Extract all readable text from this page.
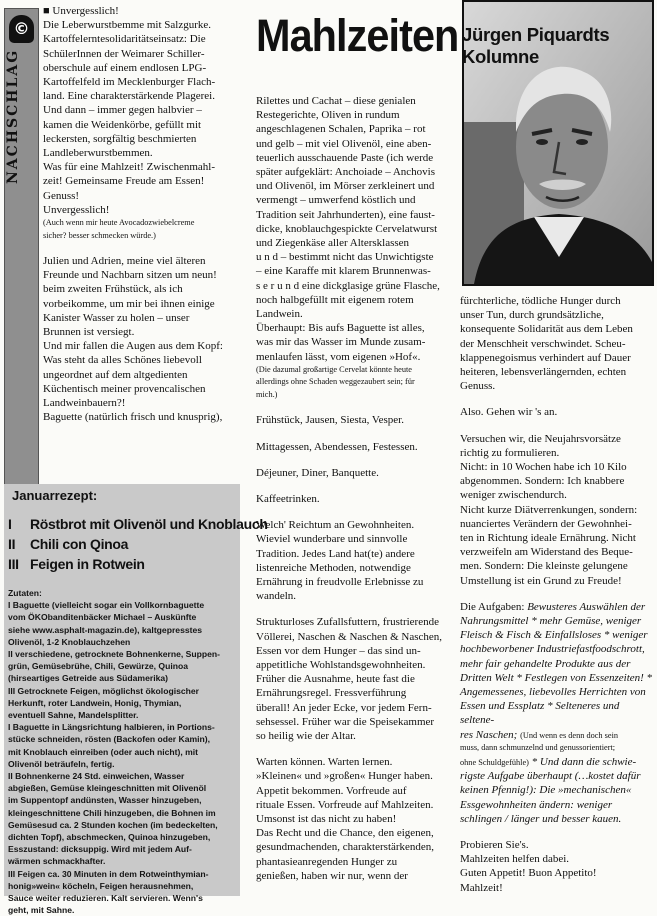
©
NACHSCHLAG
Mahlzeiten Jürgen Piquardts Kolumne

■ Unvergesslich!

Die Leberwurstbemme mit Salzgurke.

Kartoffelerntesolidaritätseinsatz: Die

SchülerInnen der Weimarer Schiller-

oberschule auf einem endlosen LPG-

Kartoffelfeld im Mecklenburger Flach-

land. Eine charakterstärkende Plagerei.

Und dann – immer gegen halbvier –

kamen die Weidenkörbe, gefüllt mit

leckersten, sorgfältig beschmierten

Landleberwurstbemmen.

Was für eine Mahlzeit! Zwischenmahl-

zeit! Gemeinsame Freude am Essen!

Genuss!

Unvergesslich!

(Auch wenn mir heute Avocadozwiebelcreme
sicher? besser schmecken würde.)

Julien und Adrien, meine viel älteren

Freunde und Nachbarn sitzen um neun!

beim zweiten Frühstück, als ich

vorbeikomme, um mir bei ihnen einige

Kanister Wasser zu holen – unser

Brunnen ist versiegt.

Und mir fallen die Augen aus dem Kopf:

Was steht da alles Schönes liebevoll

ungeordnet auf dem altgedienten

Küchentisch meiner provencalischen

Landweinbauern?!

Baguette (natürlich frisch und knusprig),

Januarrezept:
I Röstbrot mit Olivenöl und Knoblauch
II Chili con Qinoa
III Feigen in Rotwein

Zutaten:

I Baguette (vielleicht sogar ein Vollkornbaguette

vom ÖKObanditenbäcker Michael – Auskünfte

siehe www.asphalt-magazin.de), kaltgepresstes

Olivenöl, 1-2 Knoblauchzehen

II verschiedene, getrocknete Bohnenkerne, Suppen-

grün, Gemüsebrühe, Chili, Gewürze, Quinoa

(hirseartiges Getreide aus Südamerika)

III Getrocknete Feigen, möglichst ökologischer

Herkunft, roter Landwein, Honig, Thymian,

eventuell Sahne, Mandelsplitter.

I Baguette in Längsrichtung halbieren, in Portions-

stücke schneiden, rösten (Backofen oder Kamin),

mit Knoblauch einreiben (oder auch nicht), mit

Olivenöl beträufeln, fertig.

II Bohnenkerne 24 Std. einweichen, Wasser

abgießen, Gemüse kleingeschnitten mit Olivenöl

im Suppentopf andünsten, Wasser hinzugeben,

kleingeschnittene Chili hinzugeben, die Bohnen im

Gemüsesud ca. 2 Stunden kochen (im bedeckelten,

dichten Topf), abschmecken, Quinoa hinzugeben,

Esszustand: dicksuppig. Wird mit jedem Auf-

wärmen schmackhafter.

III Feigen ca. 30 Minuten in dem Rotweinthymian-

honig»wein« köcheln, Feigen herausnehmen,

Sauce weiter reduzieren. Kalt servieren. Wenn's

geht, mit Sahne.

Rilettes und Cachat – diese genialen

Restegerichte, Oliven in rundum

angeschlagenen Schalen, Paprika – rot

und gelb – mit viel Olivenöl, eine aben-

teuerlich ausschauende Paste (ich werde

später aufgeklärt: Anchoiade – Anchovis

und Olivenöl, im Mörser zerkleinert und

vermengt – umwerfend köstlich und

Tradition seit Jahrhunderten), eine faust-

dicke, knoblauchgespickte Cervelatwurst

und Ziegenkäse aller Altersklassen

u n d – bestimmt nicht das Unwichtigste

– eine Karaffe mit klarem Brunnenwas-

s e r u n d eine dickglasige grüne Flasche,

noch halbgefüllt mit eigenem rotem

Landwein.

Überhaupt: Bis aufs Baguette ist alles,

was mir das Wasser im Munde zusam-

menlaufen lässt, vom eigenen »Hof«.

(Die dazumal großartige Cervelat könnte heute
allerdings ohne Schaden weggezaubert sein; für
mich.)

Frühstück, Jausen, Siesta, Vesper.

Mittagessen, Abendessen, Festessen.

Déjeuner, Diner, Banquette.

Kaffeetrinken.

Welch' Reichtum an Gewohnheiten.

Wieviel wunderbare und sinnvolle

Tradition. Jedes Land hat(te) andere

listenreiche Methoden, notwendige

Ernährung in freudvolle Erlebnisse zu

wandeln.

Strukturloses Zufallsfuttern, frustrierende

Völlerei, Naschen & Naschen & Naschen,

Essen vor dem Hunger – das sind un-

appetitliche Wohlstandsgewohnheiten.

Früher die Ausnahme, heute fast die

Ernährungsregel. Fressverführung

überall! An jeder Ecke, vor jedem Fern-

sehsessel. Früher war die Speisekammer

so heilig wie der Altar.

Warten können. Warten lernen.

»Kleinen« und »großen« Hunger haben.

Appetit bekommen. Vorfreude auf

rituale Essen. Vorfreude auf Mahlzeiten.

Umsonst ist das nicht zu haben!

Das Recht und die Chance, den eigenen,

gesundmachenden, charakterstärkenden,

phantasieanregenden Hunger zu

genießen, haben wir nur, wenn der

fürchterliche, tödliche Hunger durch

unser Tun, durch grundsätzliche,

konsequente Solidarität aus dem Leben

der Menschheit verschwindet. Scheu-

klappenegoismus verhindert auf Dauer

heiteren, lebensverlängernden, echten

Genuss.

Also. Gehen wir 's an.

Versuchen wir, die Neujahrsvorsätze

richtig zu formulieren.

Nicht: in 10 Wochen habe ich 10 Kilo

abgenommen. Sondern: Ich knabbere

weniger zwischendurch.

Nicht kurze Diätverrenkungen, sondern:

nuanciertes Verändern der Gewohnhei-

ten in Richtung ideale Ernährung. Nicht

verzweifeln am Widerstand des Beque-

men. Sondern: Die kleinste gelungene

Umstellung ist ein Grund zu Freude!

Die Aufgaben: Bewusteres Auswählen der

Nahrungsmittel * mehr Gemüse, weniger

Fleisch & Fisch & Einfallsloses * weniger

hochbeworbener Industriefastfoodschrott,

mehr fair gehandelte Produkte aus der

Dritten Welt * Festlegen von Essenzeiten! *

Angemessenes, liebevolles Herrichten von

Essen und Essplatz * Selteneres und seltene-

res Naschen; (Und wenn es denn doch sein

muss, dann schmunzelnd und genussorientiert;

ohne Schuldgefühle) * Und dann die schwie-

rigste Aufgabe überhaupt (…kostet dafür

keinen Pfennig!): Die »mechanischen«

Essgewohnheiten ändern: weniger

schlingen / länger und besser kauen.

Probieren Sie's.

Mahlzeiten helfen dabei.

Guten Appetit! Buon Appetito!

Mahlzeit!
